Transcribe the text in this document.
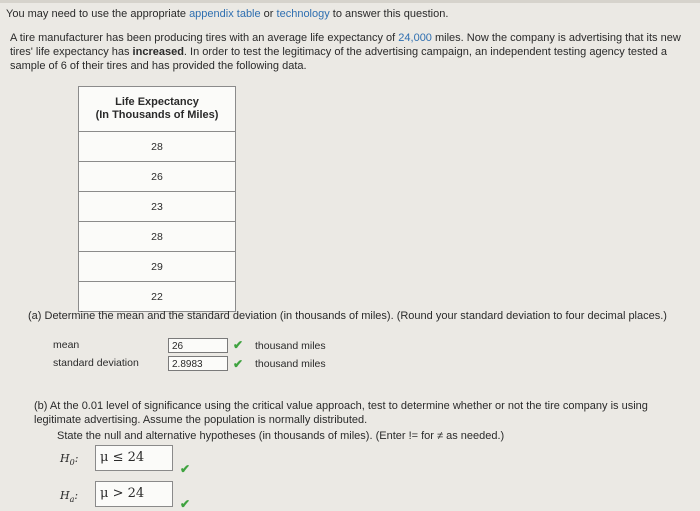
You may need to use the appropriate appendix table or technology to answer this question.
A tire manufacturer has been producing tires with an average life expectancy of 24,000 miles. Now the company is advertising that its new tires' life expectancy has increased. In order to test the legitimacy of the advertising campaign, an independent testing agency tested a sample of 6 of their tires and has provided the following data.
Life Expectancy
(In Thousands of Miles)

28
26
23
28
29
22
(a) Determine the mean and the standard deviation (in thousands of miles). (Round your standard deviation to four decimal places.)
mean	26	✔ thousand miles
standard deviation	2.8983	✔ thousand miles
(b) At the 0.01 level of significance using the critical value approach, test to determine whether or not the tire company is using legitimate advertising. Assume the population is normally distributed.
State the null and alternative hypotheses (in thousands of miles). (Enter != for ≠ as needed.)
$H_0$:	μ ≤ 24
✔
$H_a$:	μ > 24
✔
